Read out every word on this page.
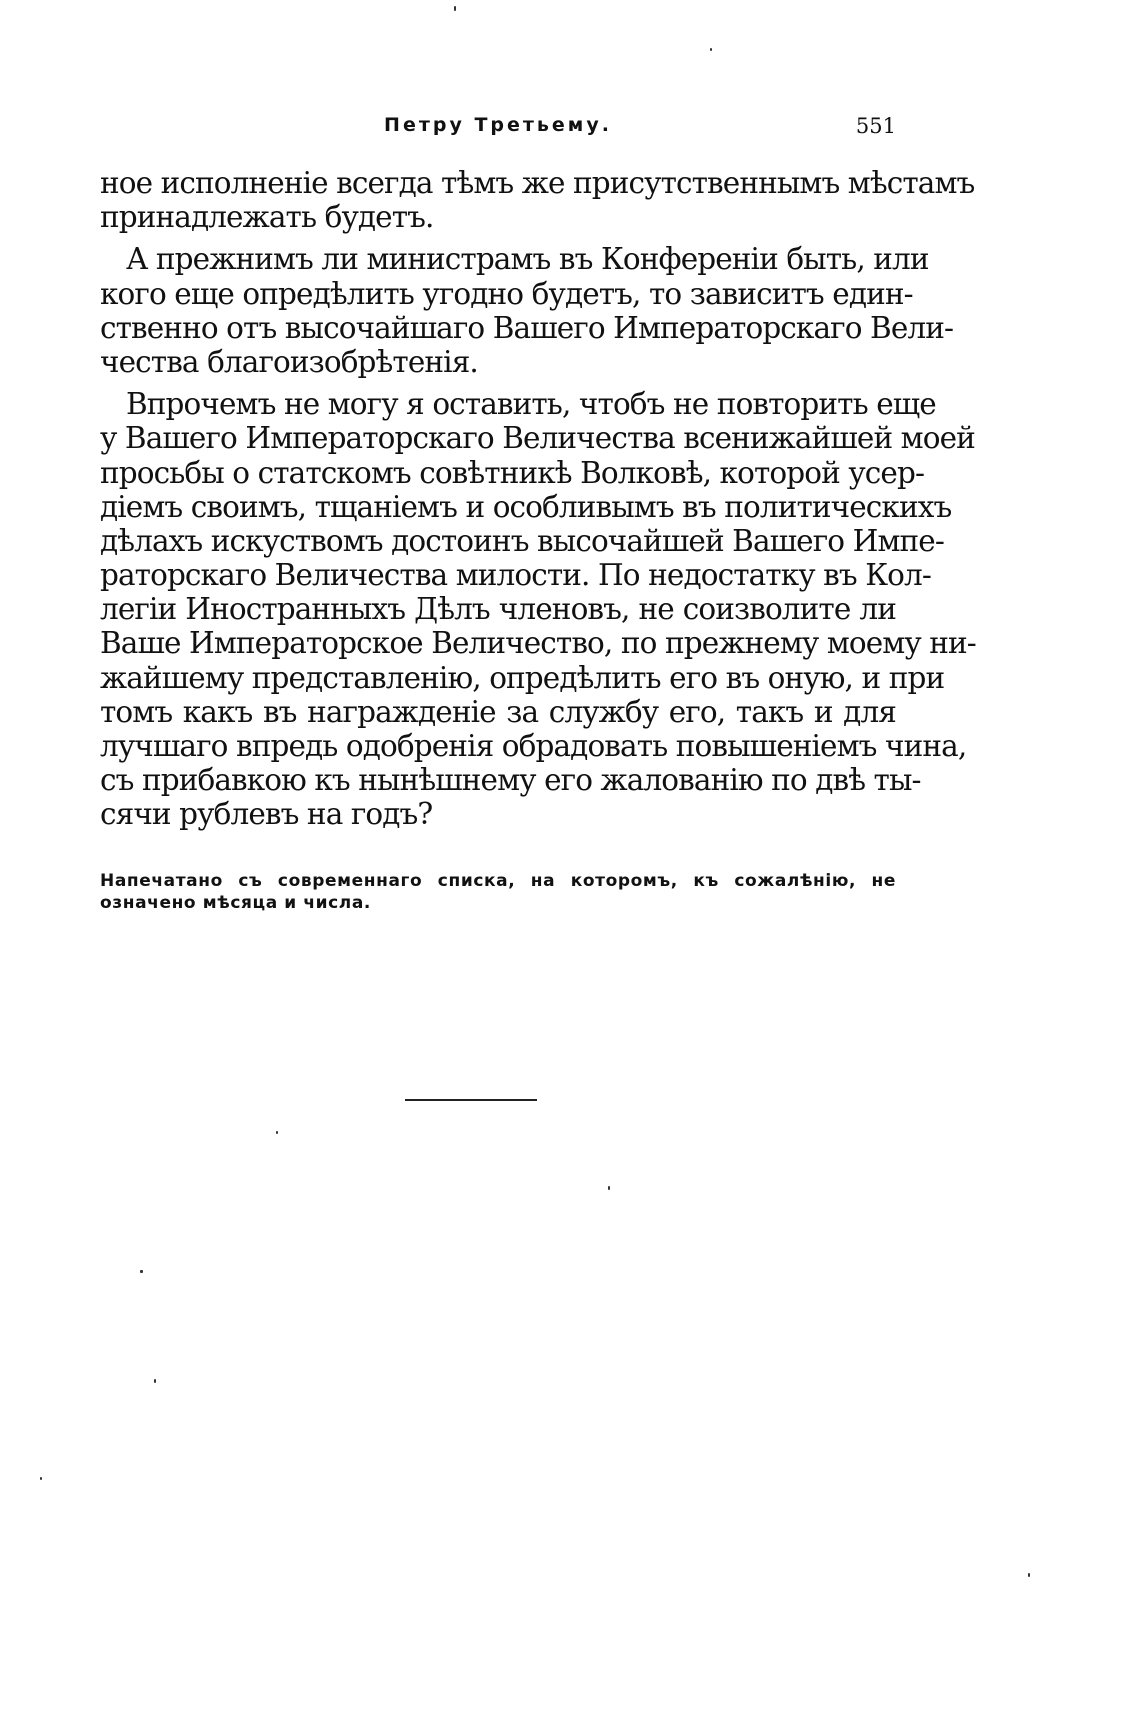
Петру Третьему.	551
ное исполненіе всегда тѣмъ же присутственнымъ мѣстамъ
принадлежать будетъ.
А прежнимъ ли министрамъ въ Конференіи быть, или
кого еще опредѣлить угодно будетъ, то зависитъ един-
ственно отъ высочайшаго Вашего Императорскаго Вели-
чества благоизобрѣтенія.
Впрочемъ не могу я оставить, чтобъ не повторить еще
у Вашего Императорскаго Величества всенижайшей моей
просьбы о статскомъ совѣтникѣ Волковѣ, которой усер-
діемъ своимъ, тщаніемъ и особливымъ въ политическихъ
дѣлахъ искуствомъ достоинъ высочайшей Вашего Импе-
раторскаго Величества милости. По недостатку въ Кол-
легіи Иностранныхъ Дѣлъ членовъ, не соизволите ли
Ваше Императорское Величество, по прежнему моему ни-
жайшему представленію, опредѣлить его въ оную, и при
томъ какъ въ награжденіе за службу его, такъ и для
лучшаго впредь одобренія обрадовать повышеніемъ чина,
съ прибавкою къ нынѣшнему его жалованію по двѣ ты-
сячи рублевъ на годъ?
Напечатано съ современнаго списка, на которомъ, къ сожалѣнію, не
означено мѣсяца и числа.
